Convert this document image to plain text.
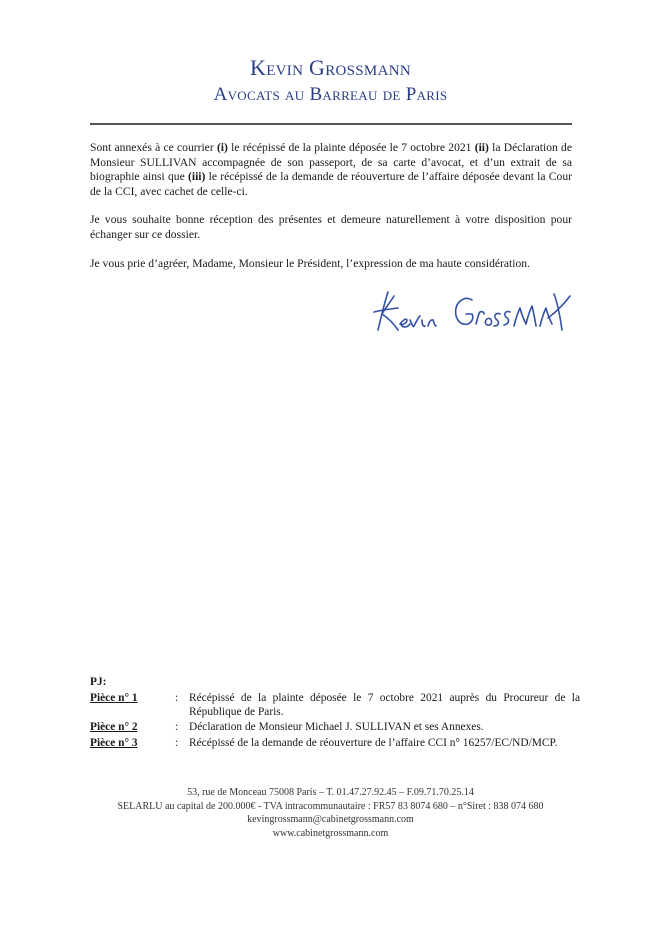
Kevin Grossmann
Avocats au Barreau de Paris

Sont annexés à ce courrier (i) le récépissé de la plainte déposée le 7 octobre 2021 (ii) la Déclaration de Monsieur SULLIVAN accompagnée de son passeport, de sa carte d’avocat, et d’un extrait de sa biographie ainsi que (iii) le récépissé de la demande de réouverture de l’affaire déposée devant la Cour de la CCI, avec cachet de celle-ci.

Je vous souhaite bonne réception des présentes et demeure naturellement à votre disposition pour échanger sur ce dossier.

Je vous prie d’agréer, Madame, Monsieur le Président, l’expression de ma haute considération.

PJ:
Pièce n° 1	: Récépissé de la plainte déposée le 7 octobre 2021 auprès du Procureur de la République de Paris.
Pièce n° 2	: Déclaration de Monsieur Michael J. SULLIVAN et ses Annexes.
Pièce n° 3	: Récépissé de la demande de réouverture de l’affaire CCI n° 16257/EC/ND/MCP.
53, rue de Monceau 75008 Paris – T. 01.47.27.92.45 – F.09.71.70.25.14
SELARLU au capital de 200.000€ - TVA intracommunautaire : FR57 83 8074 680 – n°Siret : 838 074 680
kevingrossmann@cabinetgrossmann.com
www.cabinetgrossmann.com
